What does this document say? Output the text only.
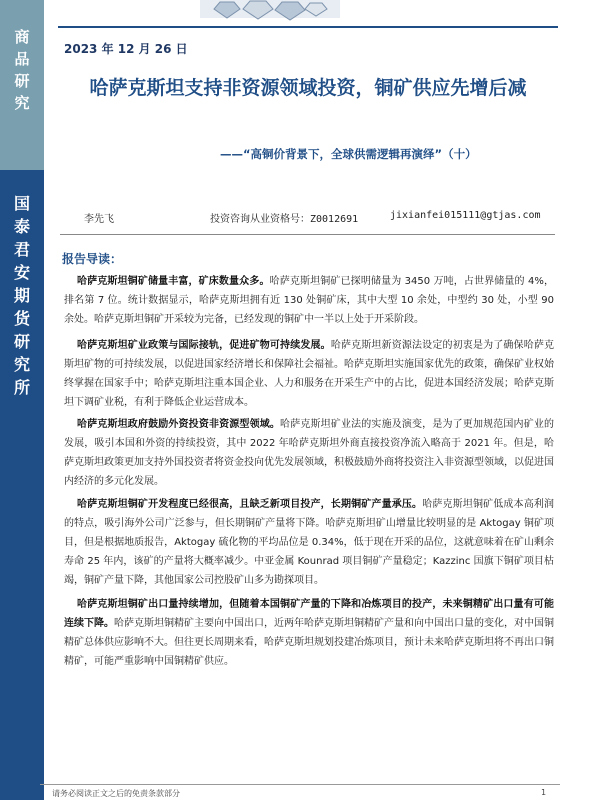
商
品
研
究
国
泰
君
安
期
货
研
究
所
2023 年 12 月 26 日
哈萨克斯坦支持非资源领域投资，铜矿供应先增后减
——“高铜价背景下，全球供需逻辑再演绎”（十）
李先飞	投资咨询从业资格号：Z0012691	jixianfei015111@gtjas.com
报告导读：
哈萨克斯坦铜矿储量丰富，矿床数量众多。哈萨克斯坦铜矿已探明储量为 3450 万吨，占世界储量的 4%，排名第 7 位。统计数据显示，哈萨克斯坦拥有近 130 处铜矿床，其中大型 10 余处，中型约 30 处，小型 90 余处。哈萨克斯坦铜矿开采较为完备，已经发现的铜矿中一半以上处于开采阶段。
哈萨克斯坦矿业政策与国际接轨，促进矿物可持续发展。哈萨克斯坦新资源法设定的初衷是为了确保哈萨克斯坦矿物的可持续发展，以促进国家经济增长和保障社会福祉。哈萨克斯坦实施国家优先的政策，确保矿业权始终掌握在国家手中；哈萨克斯坦注重本国企业、人力和服务在开采生产中的占比，促进本国经济发展；哈萨克斯坦下调矿业税，有利于降低企业运营成本。
哈萨克斯坦政府鼓励外资投资非资源型领域。哈萨克斯坦矿业法的实施及演变，是为了更加规范国内矿业的发展，吸引本国和外资的持续投资，其中 2022 年哈萨克斯坦外商直接投资净流入略高于 2021 年。但是，哈萨克斯坦政策更加支持外国投资者将资金投向优先发展领域，积极鼓励外商将投资注入非资源型领域，以促进国内经济的多元化发展。
哈萨克斯坦铜矿开发程度已经很高，且缺乏新项目投产，长期铜矿产量承压。哈萨克斯坦铜矿低成本高利润的特点，吸引海外公司广泛参与，但长期铜矿产量将下降。哈萨克斯坦矿山增量比较明显的是 Aktogay 铜矿项目，但是根据地质报告，Aktogay 硫化物的平均品位是 0.34%，低于现在开采的品位，这就意味着在矿山剩余寿命 25 年内，该矿的产量将大概率减少。中亚金属 Kounrad 项目铜矿产量稳定；Kazzinc 国旗下铜矿项目枯竭，铜矿产量下降，其他国家公司控股矿山多为勘探项目。
哈萨克斯坦铜矿出口量持续增加，但随着本国铜矿产量的下降和冶炼项目的投产，未来铜精矿出口量有可能连续下降。哈萨克斯坦铜精矿主要向中国出口，近两年哈萨克斯坦铜精矿产量和向中国出口量的变化，对中国铜精矿总体供应影响不大。但往更长周期来看，哈萨克斯坦规划投建冶炼项目，预计未来哈萨克斯坦将不再出口铜精矿，可能严重影响中国铜精矿供应。
请务必阅读正文之后的免责条款部分	1
